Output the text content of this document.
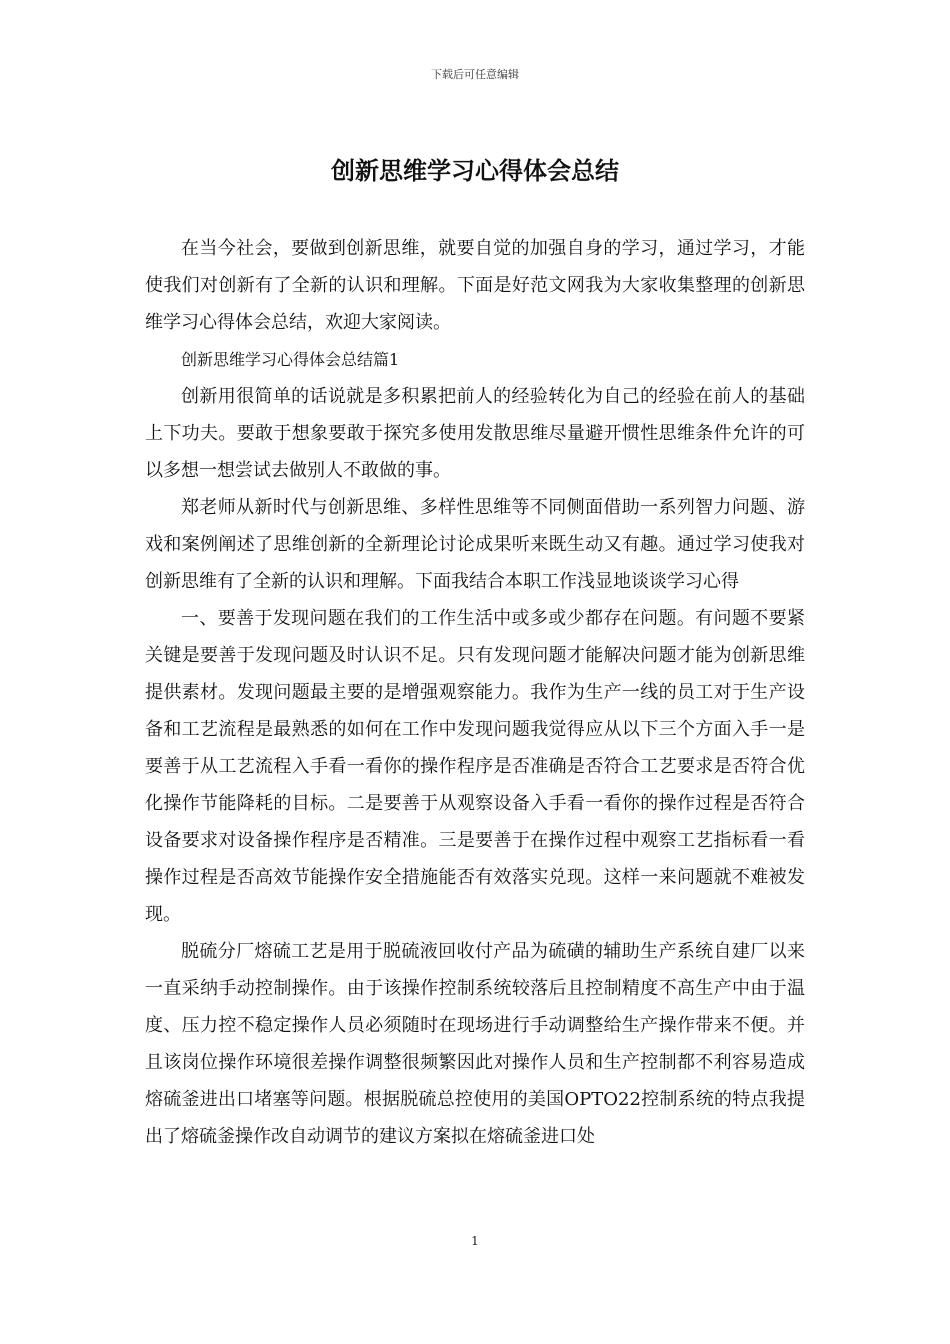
下载后可任意编辑
创新思维学习心得体会总结

在当今社会，要做到创新思维，就要自觉的加强自身的学习，通过学习，才能使我们对创新有了全新的认识和理解。下面是好范文网我为大家收集整理的创新思维学习心得体会总结，欢迎大家阅读。

创新思维学习心得体会总结篇1

创新用很简单的话说就是多积累把前人的经验转化为自己的经验在前人的基础上下功夫。要敢于想象要敢于探究多使用发散思维尽量避开惯性思维条件允许的可以多想一想尝试去做别人不敢做的事。

郑老师从新时代与创新思维、多样性思维等不同侧面借助一系列智力问题、游戏和案例阐述了思维创新的全新理论讨论成果听来既生动又有趣。通过学习使我对创新思维有了全新的认识和理解。下面我结合本职工作浅显地谈谈学习心得

一、要善于发现问题在我们的工作生活中或多或少都存在问题。有问题不要紧关键是要善于发现问题及时认识不足。只有发现问题才能解决问题才能为创新思维提供素材。发现问题最主要的是增强观察能力。我作为生产一线的员工对于生产设备和工艺流程是最熟悉的如何在工作中发现问题我觉得应从以下三个方面入手一是要善于从工艺流程入手看一看你的操作程序是否准确是否符合工艺要求是否符合优化操作节能降耗的目标。二是要善于从观察设备入手看一看你的操作过程是否符合设备要求对设备操作程序是否精准。三是要善于在操作过程中观察工艺指标看一看操作过程是否高效节能操作安全措施能否有效落实兑现。这样一来问题就不难被发现。

脱硫分厂熔硫工艺是用于脱硫液回收付产品为硫磺的辅助生产系统自建厂以来一直采纳手动控制操作。由于该操作控制系统较落后且控制精度不高生产中由于温度、压力控不稳定操作人员必须随时在现场进行手动调整给生产操作带来不便。并且该岗位操作环境很差操作调整很频繁因此对操作人员和生产控制都不利容易造成熔硫釜进出口堵塞等问题。根据脱硫总控使用的美国OPTO22控制系统的特点我提出了熔硫釜操作改自动调节的建议方案拟在熔硫釜进口处

1
